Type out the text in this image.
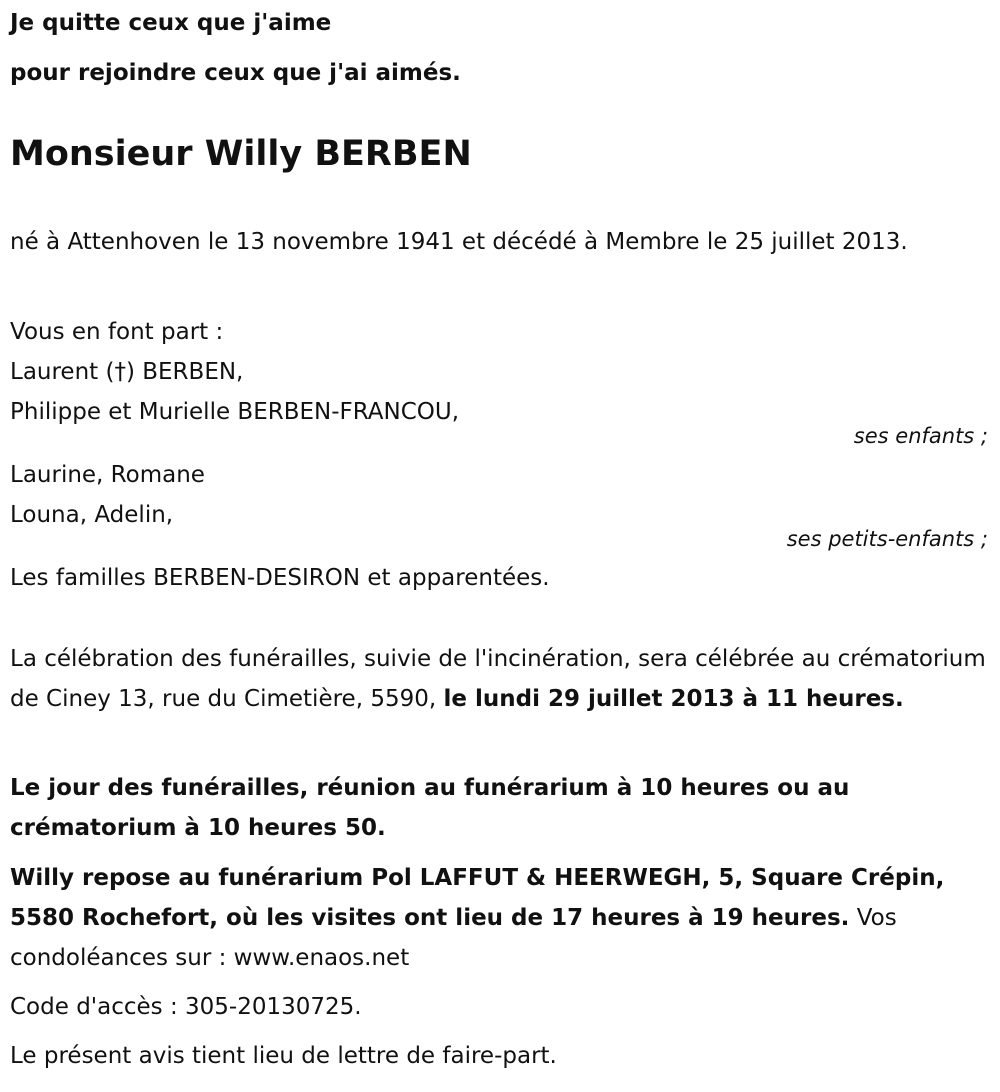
Je quitte ceux que j'aime

pour rejoindre ceux que j'ai aimés.

Monsieur Willy BERBEN

né à Attenhoven le 13 novembre 1941 et décédé à Membre le 25 juillet 2013.

Vous en font part :

Laurent (†) BERBEN,

Philippe et Murielle BERBEN-FRANCOU,

ses enfants ;

Laurine, Romane

Louna, Adelin,

ses petits-enfants ;

Les familles BERBEN-DESIRON et apparentées.

La célébration des funérailles, suivie de l'incinération, sera célébrée au crématorium de Ciney 13, rue du Cimetière, 5590, le lundi 29 juillet 2013 à 11 heures.

Le jour des funérailles, réunion au funérarium à 10 heures ou au crématorium à 10 heures 50.

Willy repose au funérarium Pol LAFFUT & HEERWEGH, 5, Square Crépin, 5580 Rochefort, où les visites ont lieu de 17 heures à 19 heures. Vos condoléances sur : www.enaos.net

Code d'accès : 305-20130725.

Le présent avis tient lieu de lettre de faire-part.
